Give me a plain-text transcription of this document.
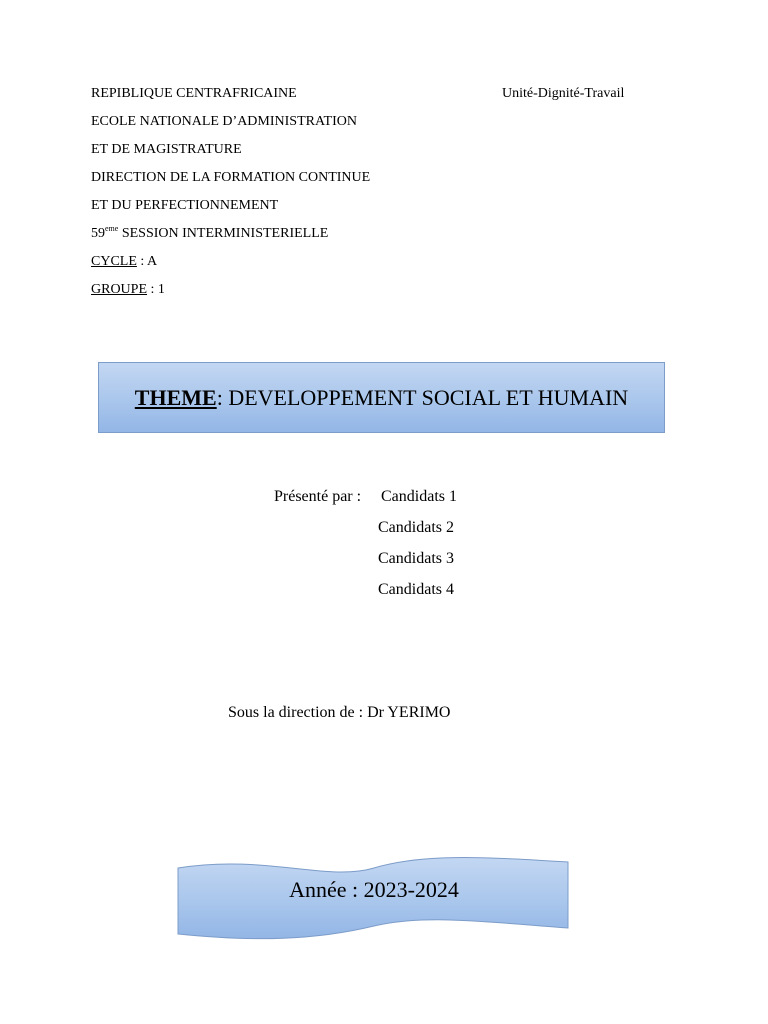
REPIBLIQUE CENTRAFRICAINE	Unité-Dignité-Travail
ECOLE NATIONALE D’ADMINISTRATION
ET DE MAGISTRATURE
DIRECTION DE LA FORMATION CONTINUE
ET DU PERFECTIONNEMENT
59eme SESSION INTERMINISTERIELLE
CYCLE : A
GROUPE : 1
THEME : DEVELOPPEMENT SOCIAL ET HUMAIN
Présenté par : Candidats 1
Candidats 2
Candidats 3
Candidats 4
Sous la direction de : Dr YERIMO
Année : 2023-2024
